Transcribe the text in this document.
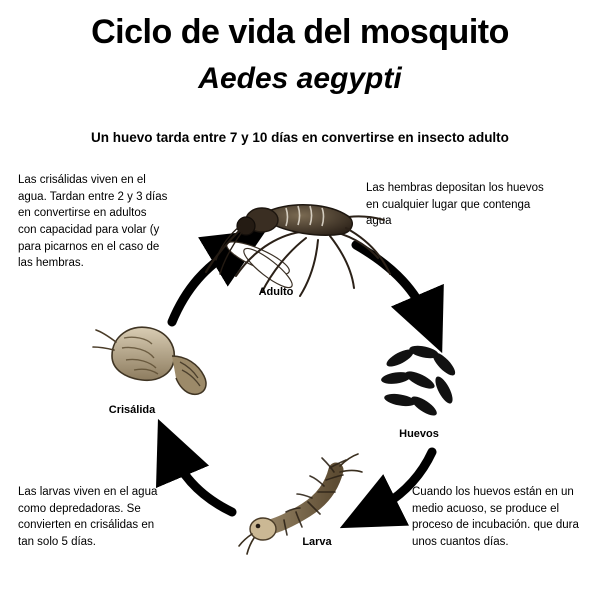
Ciclo de vida del mosquito
Aedes aegypti
Un huevo tarda entre 7 y 10 días en convertirse en insecto adulto
Las crisálidas viven en el agua. Tardan entre 2 y 3 días en convertirse en adultos con capacidad para volar (y para picarnos en el caso de las hembras.
Las hembras depositan los huevos en cualquier lugar que contenga agua
Las larvas viven en el agua como depredadoras. Se convierten en crisálidas en tan solo 5 días.
Cuando los huevos están en un medio acuoso, se produce el proceso de incubación. que dura unos cuantos días.
Adulto
Huevos
Larva
Crisálida
